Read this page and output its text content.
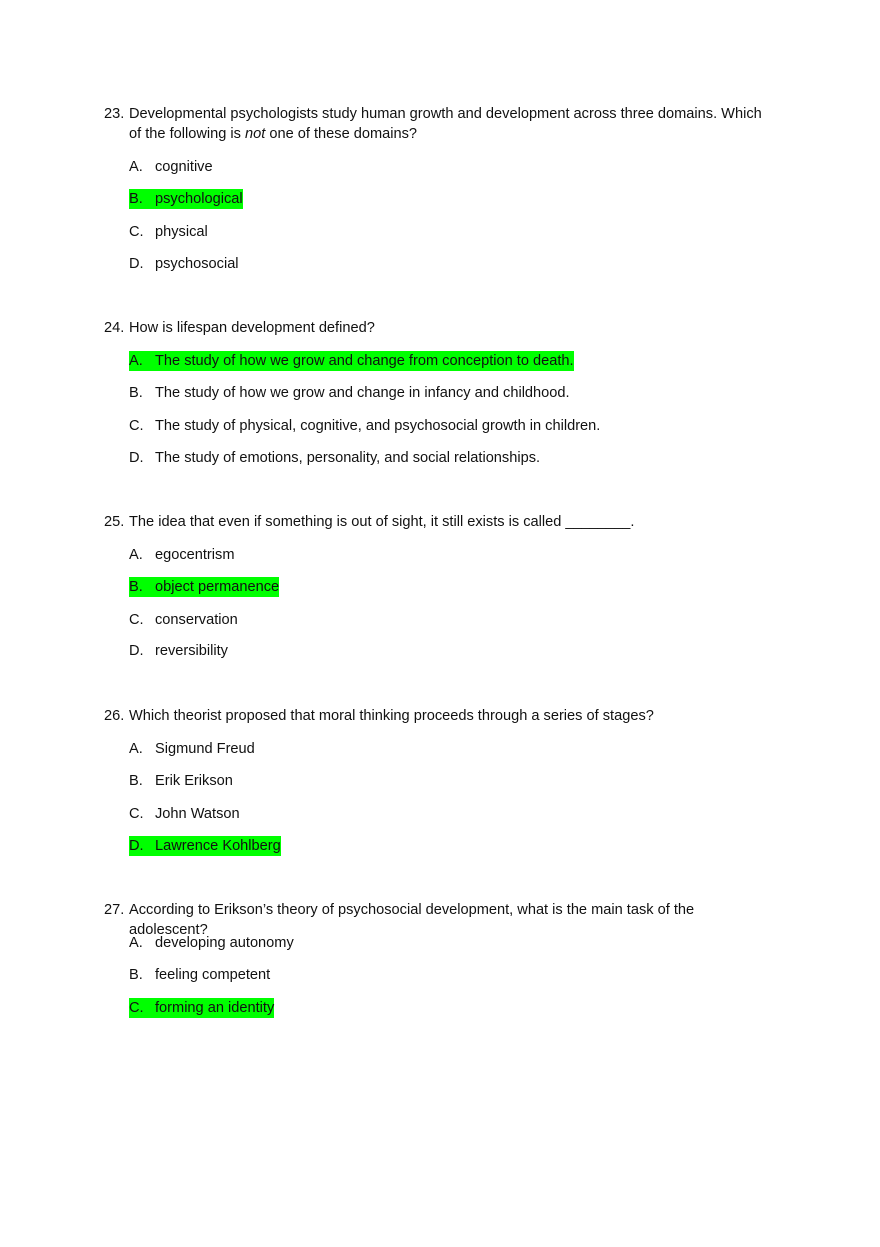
23. Developmental psychologists study human growth and development across three domains. Which of the following is not one of these domains?
A. cognitive
B. psychological
C. physical
D. psychosocial
24. How is lifespan development defined?
A. The study of how we grow and change from conception to death.
B. The study of how we grow and change in infancy and childhood.
C. The study of physical, cognitive, and psychosocial growth in children.
D. The study of emotions, personality, and social relationships.
25. The idea that even if something is out of sight, it still exists is called ________.
A. egocentrism
B. object permanence
C. conservation
D. reversibility
26. Which theorist proposed that moral thinking proceeds through a series of stages?
A. Sigmund Freud
B. Erik Erikson
C. John Watson
D. Lawrence Kohlberg
27. According to Erikson’s theory of psychosocial development, what is the main task of the adolescent?
A. developing autonomy
B. feeling competent
C. forming an identity
